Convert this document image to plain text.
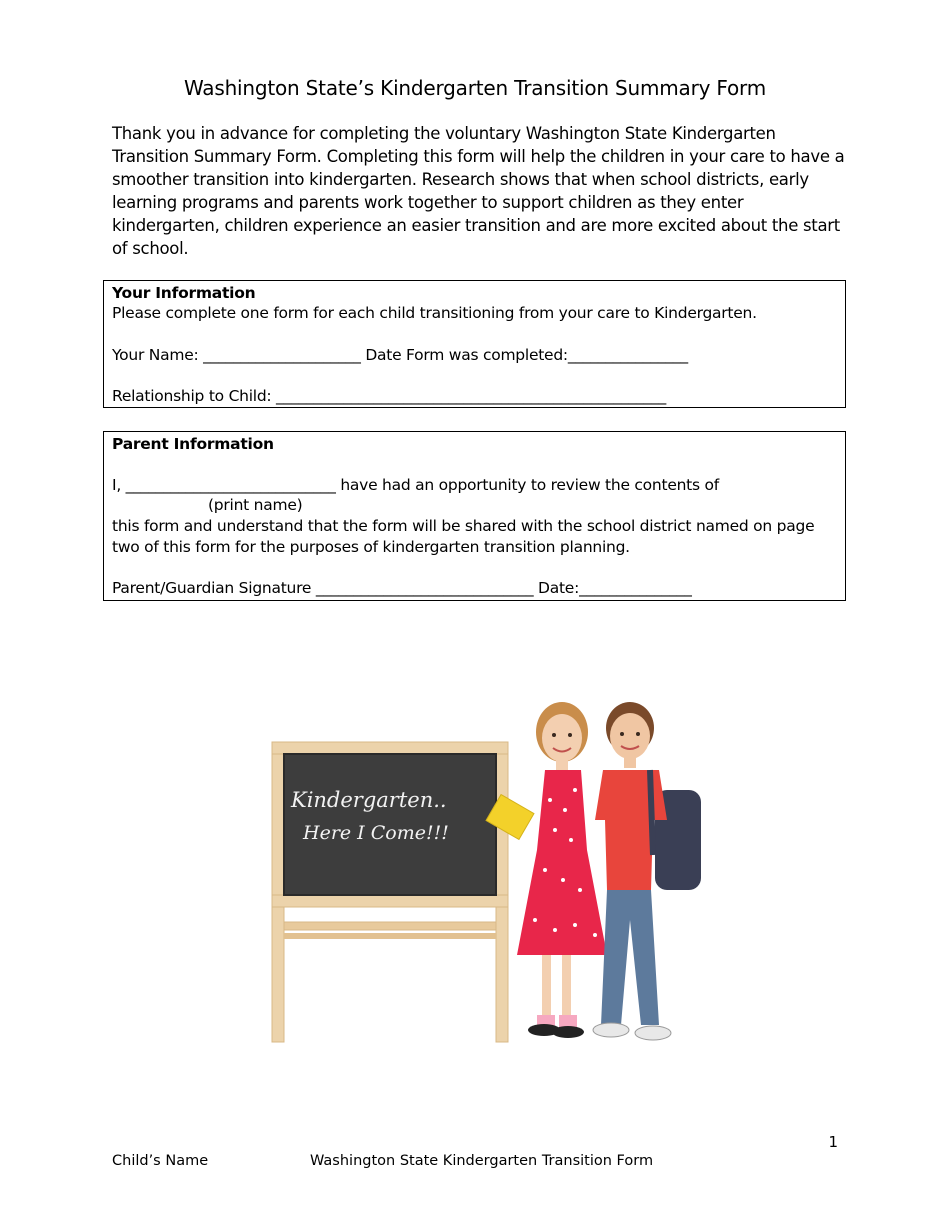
Washington State’s Kindergarten Transition Summary Form
Thank you in advance for completing the voluntary Washington State Kindergarten Transition Summary Form. Completing this form will help the children in your care to have a smoother transition into kindergarten. Research shows that when school districts, early learning programs and parents work together to support children as they enter kindergarten, children experience an easier transition and are more excited about the start of school.
Your Information
Please complete one form for each child transitioning from your care to Kindergarten.
Your Name: _____________________ Date Form was completed:________________
Relationship to Child: ____________________________________________________
Parent Information
I, ____________________________ have had an opportunity to review the contents of
(print name)
this form and understand that the form will be shared with the school district named on page
two of this form for the purposes of kindergarten transition planning.
Parent/Guardian Signature _____________________________ Date:_______________
Kindergarten..
Here I Come!!!
1
Child’s Name	Washington State Kindergarten Transition Form
